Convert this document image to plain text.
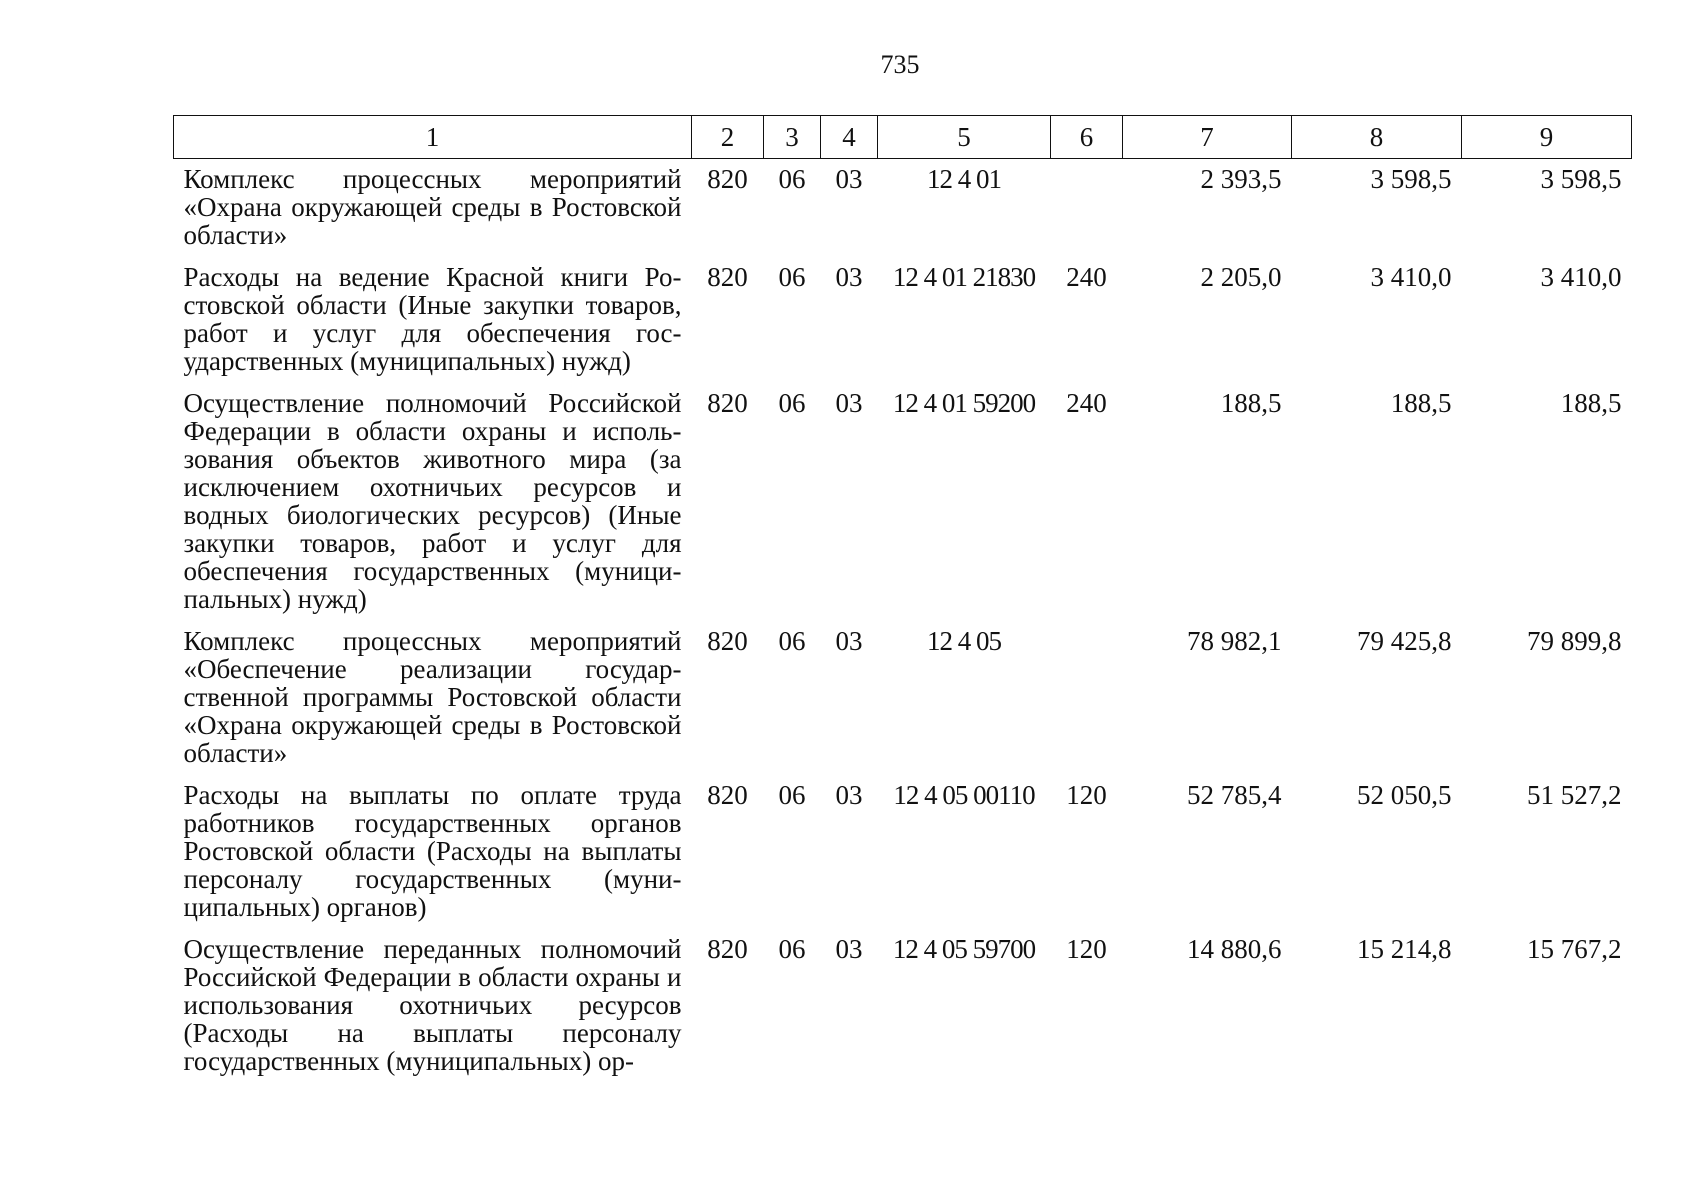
735
1	2	3	4	5	6	7	8	9
Комплекс процессных мероприятий «Охрана окружающей среды в Ростовской области»	820	06	03	12 4 01		2 393,5	3 598,5	3 598,5
Расходы на ведение Красной книги Ростовской области (Иные закупки товаров, работ и услуг для обеспечения государственных (муниципальных) нужд)	820	06	03	12 4 01 21830	240	2 205,0	3 410,0	3 410,0
Осуществление полномочий Российской Федерации в области охраны и использования объектов животного мира (за исключением охотничьих ресурсов и водных биологических ресурсов) (Иные закупки товаров, работ и услуг для обеспечения государственных (муниципальных) нужд)	820	06	03	12 4 01 59200	240	188,5	188,5	188,5
Комплекс процессных мероприятий «Обеспечение реализации государственной программы Ростовской области «Охрана окружающей среды в Ростовской области»	820	06	03	12 4 05		78 982,1	79 425,8	79 899,8
Расходы на выплаты по оплате труда работников государственных органов Ростовской области (Расходы на выплаты персоналу государственных (муниципальных) органов)	820	06	03	12 4 05 00110	120	52 785,4	52 050,5	51 527,2
Осуществление переданных полномочий Российской Федерации в области охраны и использования охотничьих ресурсов (Расходы на выплаты персоналу государственных (муниципальных) ор-	820	06	03	12 4 05 59700	120	14 880,6	15 214,8	15 767,2
